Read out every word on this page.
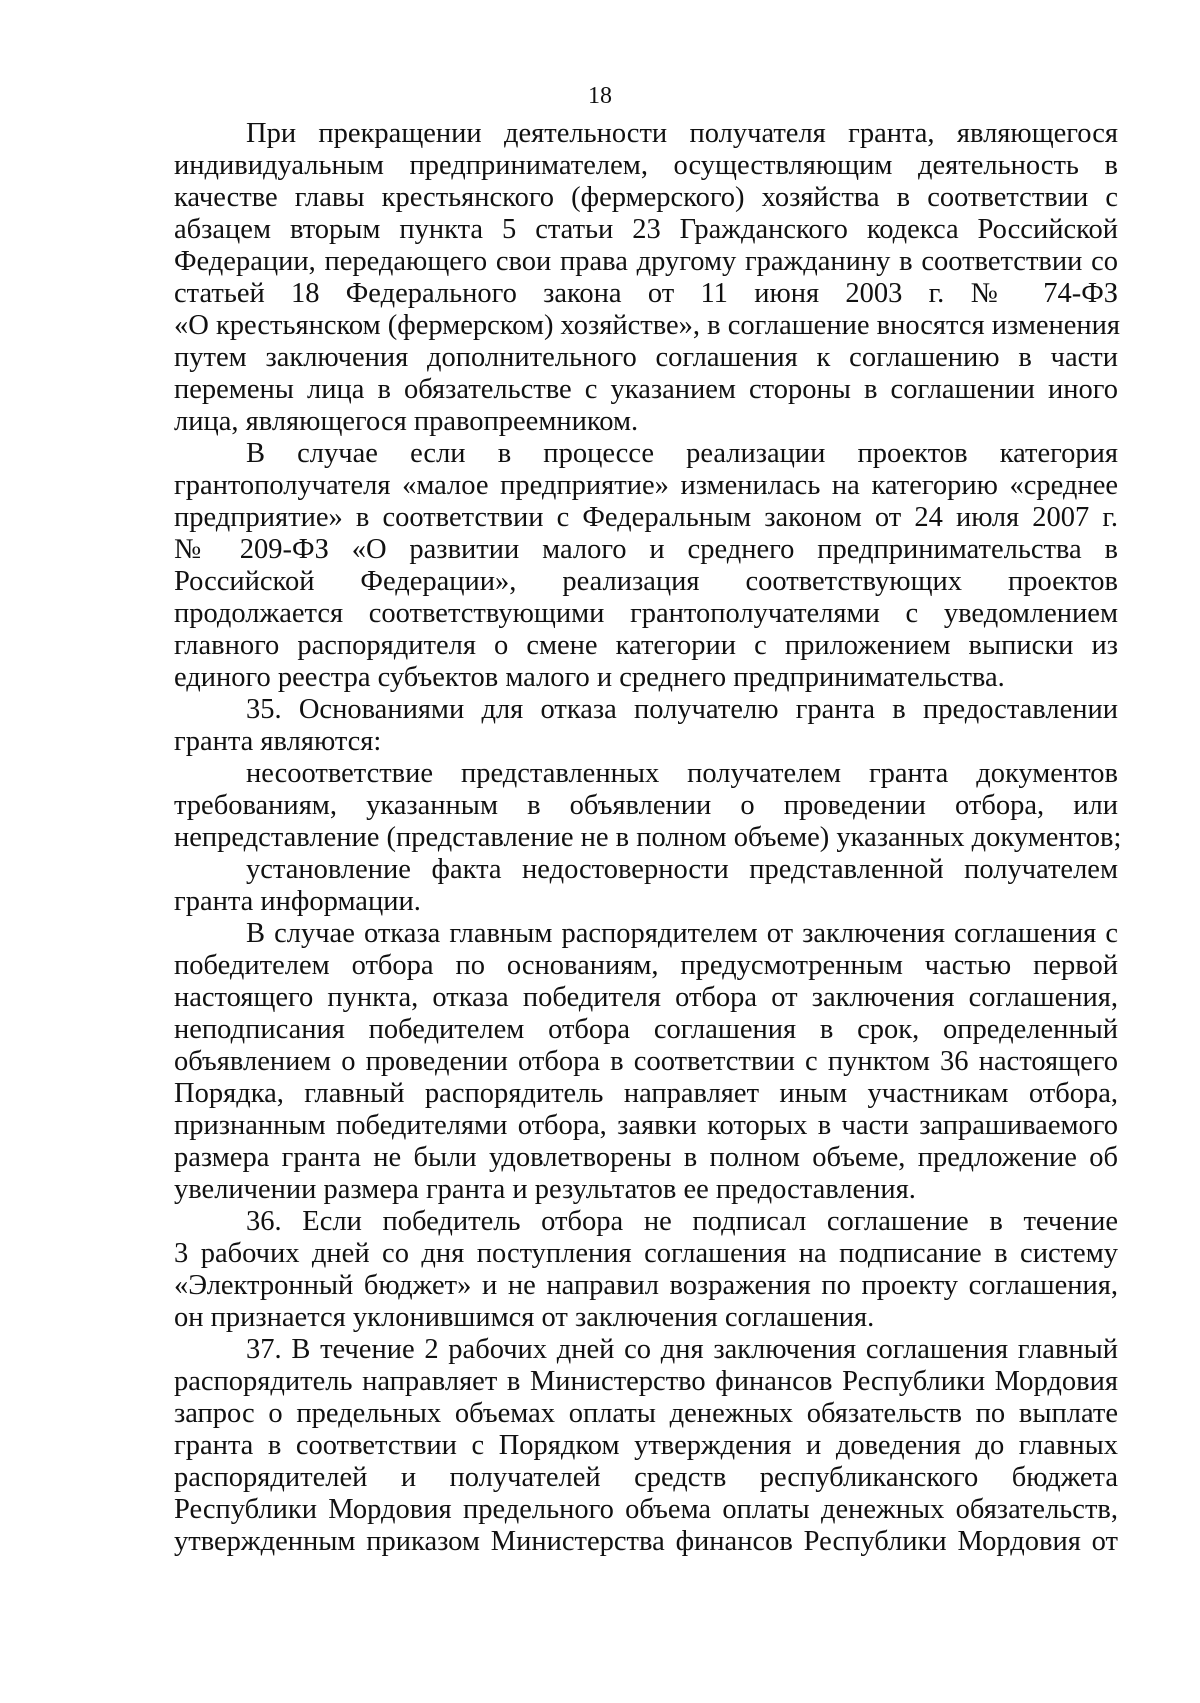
18
При прекращении деятельности получателя гранта, являющегося
индивидуальным предпринимателем, осуществляющим деятельность в
качестве главы крестьянского (фермерского) хозяйства в соответствии с
абзацем вторым пункта 5 статьи 23 Гражданского кодекса Российской
Федерации, передающего свои права другому гражданину в соответствии со
статьей 18 Федерального закона от 11 июня 2003 г. № 74-ФЗ
«О крестьянском (фермерском) хозяйстве», в соглашение вносятся изменения
путем заключения дополнительного соглашения к соглашению в части
перемены лица в обязательстве с указанием стороны в соглашении иного
лица, являющегося правопреемником.
В случае если в процессе реализации проектов категория
грантополучателя «малое предприятие» изменилась на категорию «среднее
предприятие» в соответствии с Федеральным законом от 24 июля 2007 г.
№ 209-ФЗ «О развитии малого и среднего предпринимательства в
Российской Федерации», реализация соответствующих проектов
продолжается соответствующими грантополучателями с уведомлением
главного распорядителя о смене категории с приложением выписки из
единого реестра субъектов малого и среднего предпринимательства.
35. Основаниями для отказа получателю гранта в предоставлении
гранта являются:
несоответствие представленных получателем гранта документов
требованиям, указанным в объявлении о проведении отбора, или
непредставление (представление не в полном объеме) указанных документов;
установление факта недостоверности представленной получателем
гранта информации.
В случае отказа главным распорядителем от заключения соглашения с
победителем отбора по основаниям, предусмотренным частью первой
настоящего пункта, отказа победителя отбора от заключения соглашения,
неподписания победителем отбора соглашения в срок, определенный
объявлением о проведении отбора в соответствии с пунктом 36 настоящего
Порядка, главный распорядитель направляет иным участникам отбора,
признанным победителями отбора, заявки которых в части запрашиваемого
размера гранта не были удовлетворены в полном объеме, предложение об
увеличении размера гранта и результатов ее предоставления.
36. Если победитель отбора не подписал соглашение в течение
3 рабочих дней со дня поступления соглашения на подписание в систему
«Электронный бюджет» и не направил возражения по проекту соглашения,
он признается уклонившимся от заключения соглашения.
37. В течение 2 рабочих дней со дня заключения соглашения главный
распорядитель направляет в Министерство финансов Республики Мордовия
запрос о предельных объемах оплаты денежных обязательств по выплате
гранта в соответствии с Порядком утверждения и доведения до главных
распорядителей и получателей средств республиканского бюджета
Республики Мордовия предельного объема оплаты денежных обязательств,
утвержденным приказом Министерства финансов Республики Мордовия от
